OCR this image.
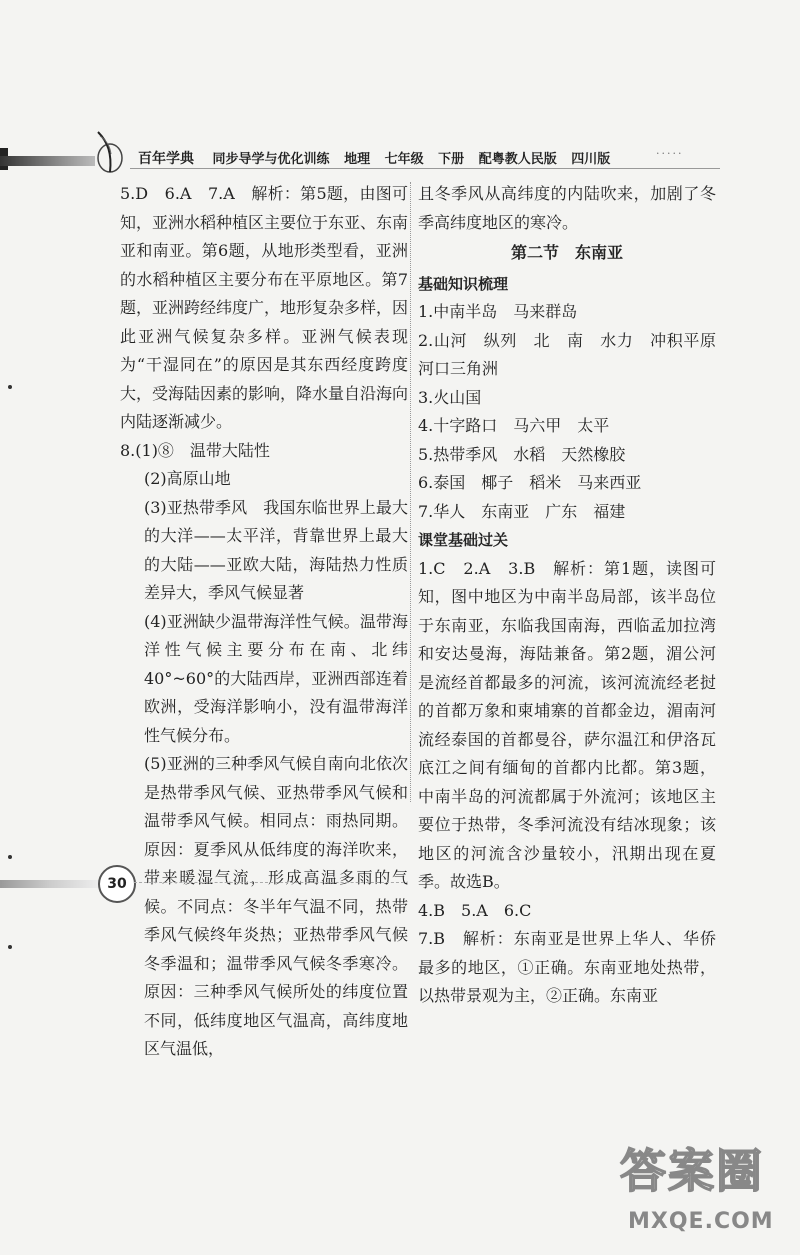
百年学典 同步导学与优化训练 地理 七年级 下册 配粤教人民版 四川版	·····

5.D　6.A　7.A　解析：第5题，由图可知，亚洲水稻种植区主要位于东亚、东南亚和南亚。第6题，从地形类型看，亚洲的水稻种植区主要分布在平原地区。第7题，亚洲跨经纬度广，地形复杂多样，因此亚洲气候复杂多样。亚洲气候表现为“干湿同在”的原因是其东西经度跨度大，受海陆因素的影响，降水量自沿海向内陆逐渐减少。

8.(1)⑧　温带大陆性

(2)高原山地

(3)亚热带季风　我国东临世界上最大的大洋——太平洋，背靠世界上最大的大陆——亚欧大陆，海陆热力性质差异大，季风气候显著

(4)亚洲缺少温带海洋性气候。温带海洋性气候主要分布在南、北纬40°~60°的大陆西岸，亚洲西部连着欧洲，受海洋影响小，没有温带海洋性气候分布。

(5)亚洲的三种季风气候自南向北依次是热带季风气候、亚热带季风气候和温带季风气候。相同点：雨热同期。原因：夏季风从低纬度的海洋吹来，带来暖湿气流，形成高温多雨的气候。不同点：冬半年气温不同，热带季风气候终年炎热；亚热带季风气候冬季温和；温带季风气候冬季寒冷。原因：三种季风气候所处的纬度位置不同，低纬度地区气温高，高纬度地区气温低，

且冬季风从高纬度的内陆吹来，加剧了冬季高纬度地区的寒冷。

第二节　东南亚

基础知识梳理

1.中南半岛　马来群岛

2.山河　纵列　北　南　水力　冲积平原　河口三角洲

3.火山国

4.十字路口　马六甲　太平

5.热带季风　水稻　天然橡胶

6.泰国　椰子　稻米　马来西亚

7.华人　东南亚　广东　福建

课堂基础过关

1.C　2.A　3.B　解析：第1题，读图可知，图中地区为中南半岛局部，该半岛位于东南亚，东临我国南海，西临孟加拉湾和安达曼海，海陆兼备。第2题，湄公河是流经首都最多的河流，该河流流经老挝的首都万象和柬埔寨的首都金边，湄南河流经泰国的首都曼谷，萨尔温江和伊洛瓦底江之间有缅甸的首都内比都。第3题，中南半岛的河流都属于外流河；该地区主要位于热带，冬季河流没有结冰现象；该地区的河流含沙量较小，汛期出现在夏季。故选B。

4.B　5.A　6.C

7.B　解析：东南亚是世界上华人、华侨最多的地区，①正确。东南亚地处热带，以热带景观为主，②正确。东南亚

30
答案圈
MXQE.COM
